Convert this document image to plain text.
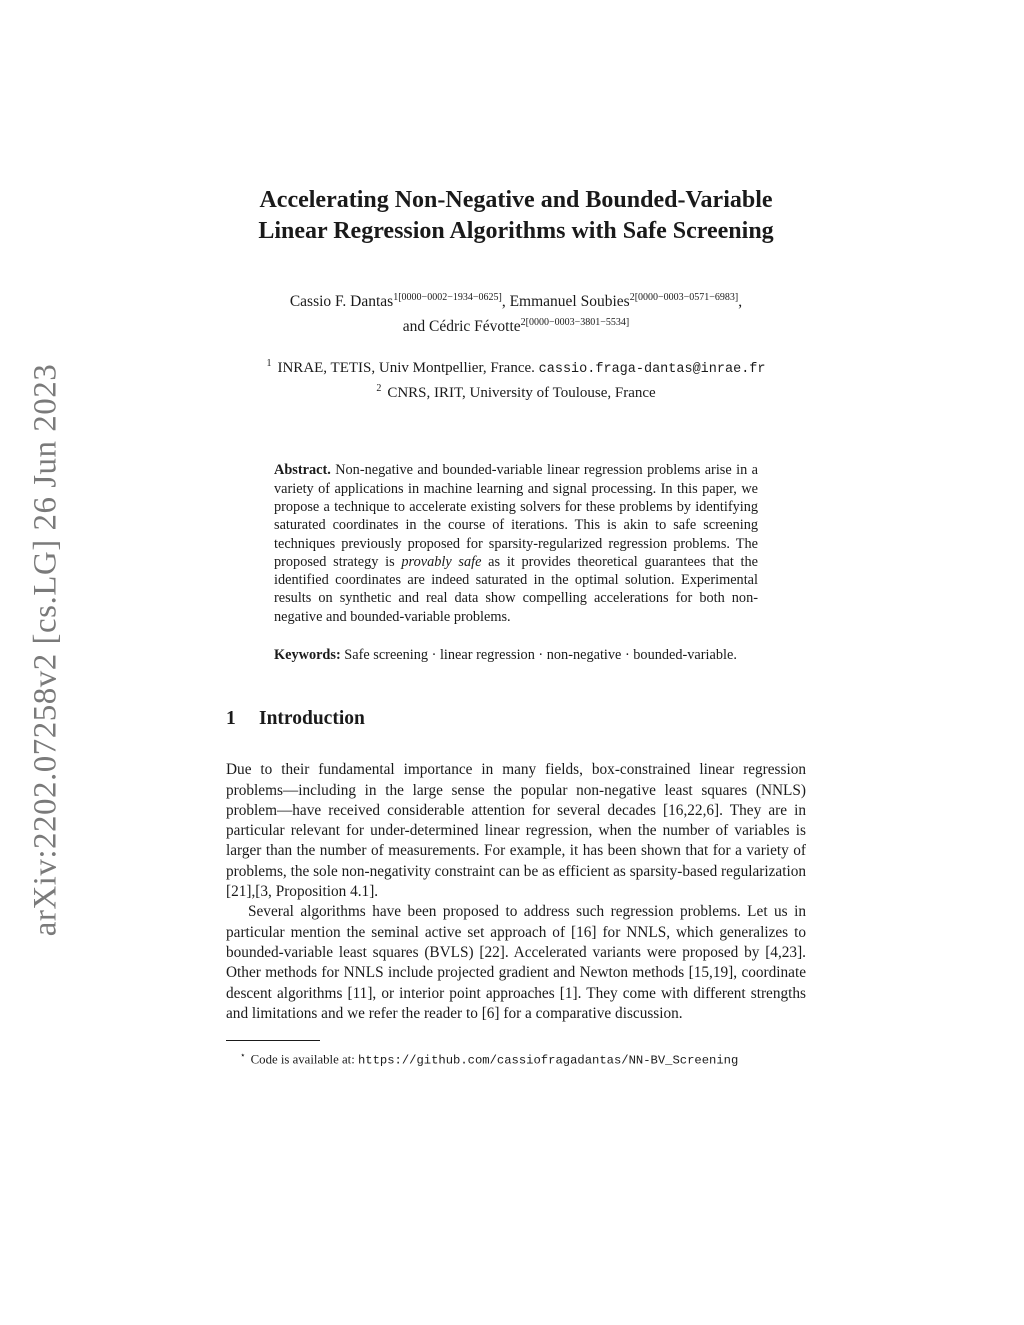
arXiv:2202.07258v2 [cs.LG] 26 Jun 2023
Accelerating Non-Negative and Bounded-Variable
Linear Regression Algorithms with Safe Screening
Cassio F. Dantas$^{1[0000-0002-1934-0625]}$, Emmanuel Soubies$^{2[0000-0003-0571-6983]}$,
and Cédric Févotte$^{2[0000-0003-3801-5534]}$
$^1$ INRAE, TETIS, Univ Montpellier, France. cassio.fraga-dantas@inrae.fr
$^2$ CNRS, IRIT, University of Toulouse, France

Abstract. Non-negative and bounded-variable linear regression problems arise in a variety of applications in machine learning and signal processing. In this paper, we propose a technique to accelerate existing solvers for these problems by identifying saturated coordinates in the course of iterations. This is akin to safe screening techniques previously proposed for sparsity-regularized regression problems. The proposed strategy is provably safe as it provides theoretical guarantees that the identified coordinates are indeed saturated in the optimal solution. Experimental results on synthetic and real data show compelling accelerations for both non-negative and bounded-variable problems.

Keywords: Safe screening · linear regression · non-negative · bounded-variable.

1 Introduction

Due to their fundamental importance in many fields, box-constrained linear regression problems—including in the large sense the popular non-negative least squares (NNLS) problem—have received considerable attention for several decades [16,22,6]. They are in particular relevant for under-determined linear regression, when the number of variables is larger than the number of measurements. For example, it has been shown that for a variety of problems, the sole non-negativity constraint can be as efficient as sparsity-based regularization [21],[3, Proposition 4.1].

Several algorithms have been proposed to address such regression problems. Let us in particular mention the seminal active set approach of [16] for NNLS, which generalizes to bounded-variable least squares (BVLS) [22]. Accelerated variants were proposed by [4,23]. Other methods for NNLS include projected gradient and Newton methods [15,19], coordinate descent algorithms [11], or interior point approaches [1]. They come with different strengths and limitations and we refer the reader to [6] for a comparative discussion.

⋆ Code is available at: https://github.com/cassiofragadantas/NN-BV_Screening
